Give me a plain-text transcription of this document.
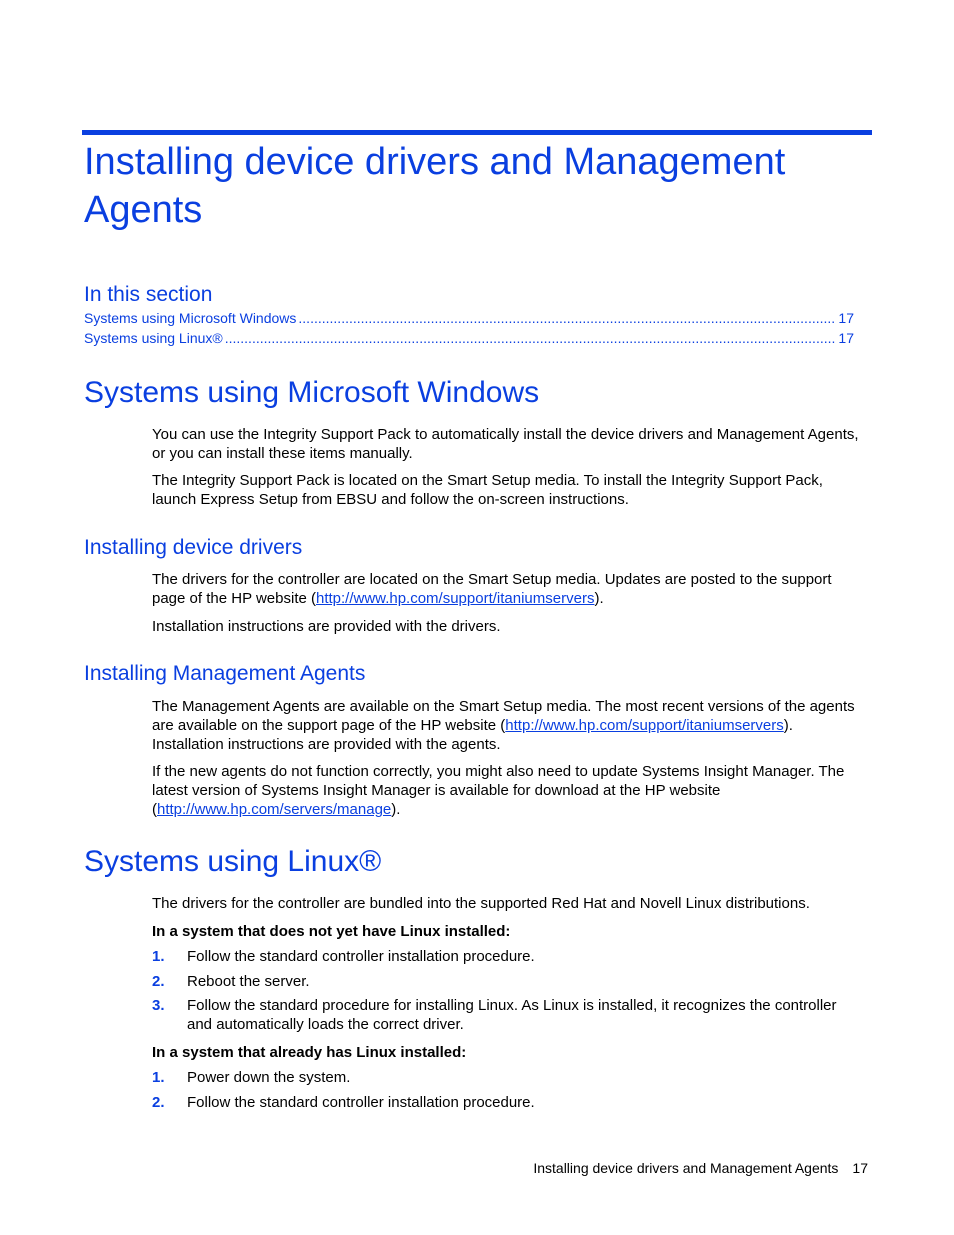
Installing device drivers and Management Agents
In this section
Systems using Microsoft Windows .....	17
Systems using Linux® .....	17
Systems using Microsoft Windows

You can use the Integrity Support Pack to automatically install the device drivers and Management Agents, or you can install these items manually.

The Integrity Support Pack is located on the Smart Setup media. To install the Integrity Support Pack, launch Express Setup from EBSU and follow the on-screen instructions.

Installing device drivers

The drivers for the controller are located on the Smart Setup media. Updates are posted to the support page of the HP website (http://www.hp.com/support/itaniumservers).

Installation instructions are provided with the drivers.

Installing Management Agents

The Management Agents are available on the Smart Setup media. The most recent versions of the agents are available on the support page of the HP website (http://www.hp.com/support/itaniumservers). Installation instructions are provided with the agents.

If the new agents do not function correctly, you might also need to update Systems Insight Manager. The latest version of Systems Insight Manager is available for download at the HP website (http://www.hp.com/servers/manage).

Systems using Linux®

The drivers for the controller are bundled into the supported Red Hat and Novell Linux distributions.

In a system that does not yet have Linux installed:

1. Follow the standard controller installation procedure.
2. Reboot the server.
3. Follow the standard procedure for installing Linux. As Linux is installed, it recognizes the controller and automatically loads the correct driver.

In a system that already has Linux installed:

1. Power down the system.
2. Follow the standard controller installation procedure.
Installing device drivers and Management Agents 17
